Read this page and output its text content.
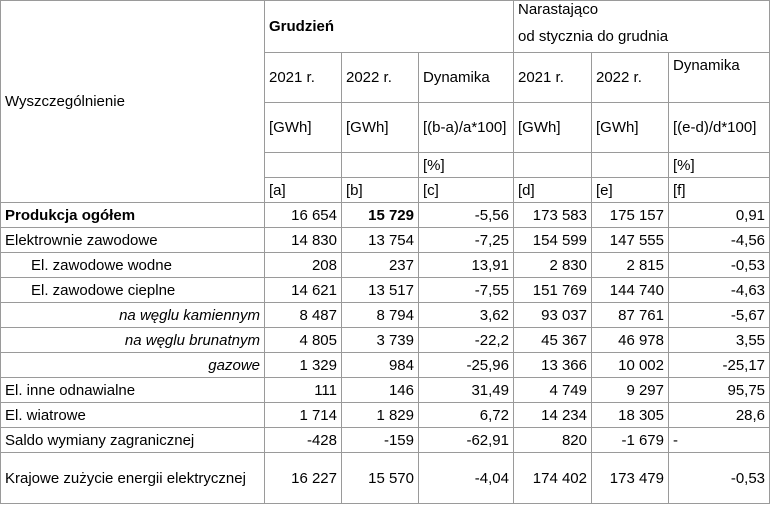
Wyszczególnienie	Grudzień			Narastająco		
				od stycznia do grudnia		
	2021 r.	2022 r.	Dynamika	2021 r.	2022 r.	Dynamika
	[GWh]	[GWh]	[(b-a)/a*100]	[GWh]	[GWh]	[(e-d)/d*100]
			[%]			[%]
	[a]	[b]	[c]	[d]	[e]	[f]

Produkcja ogółem	16 654	15 729	-5,56	173 583	175 157	0,91
Elektrownie zawodowe	14 830	13 754	-7,25	154 599	147 555	-4,56
El. zawodowe wodne	208	237	13,91	2 830	2 815	-0,53
El. zawodowe cieplne	14 621	13 517	-7,55	151 769	144 740	-4,63
na węglu kamiennym	8 487	8 794	3,62	93 037	87 761	-5,67
na węglu brunatnym	4 805	3 739	-22,2	45 367	46 978	3,55
gazowe	1 329	984	-25,96	13 366	10 002	-25,17
El. inne odnawialne	111	146	31,49	4 749	9 297	95,75
El. wiatrowe	1 714	1 829	6,72	14 234	18 305	28,6
Saldo wymiany zagranicznej	-428	-159	-62,91	820	-1 679	-
Krajowe zużycie energii elektrycznej	16 227	15 570	-4,04	174 402	173 479	-0,53
